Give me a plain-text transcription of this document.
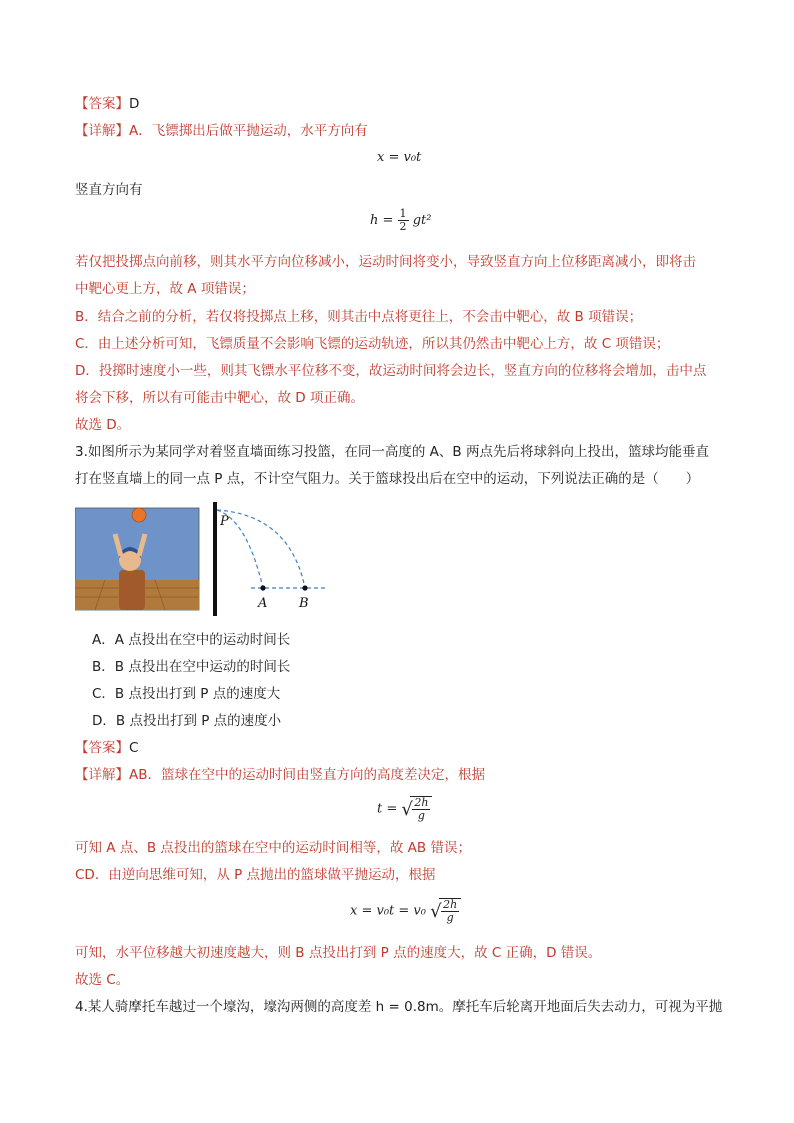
【答案】D
【详解】A．飞镖掷出后做平抛运动，水平方向有
x = v₀t
竖直方向有
$h = \frac{1}{2} gt^2$
若仅把投掷点向前移，则其水平方向位移减小，运动时间将变小，导致竖直方向上位移距离减小，即将击
中靶心更上方，故 A 项错误；
B．结合之前的分析，若仅将投掷点上移，则其击中点将更往上，不会击中靶心，故 B 项错误；
C．由上述分析可知，飞镖质量不会影响飞镖的运动轨迹，所以其仍然击中靶心上方，故 C 项错误；
D．投掷时速度小一些，则其飞镖水平位移不变，故运动时间将会边长，竖直方向的位移将会增加，击中点
将会下移，所以有可能击中靶心，故 D 项正确。
故选 D。
3.如图所示为某同学对着竖直墙面练习投篮，在同一高度的 A、B 两点先后将球斜向上投出，篮球均能垂直
打在竖直墙上的同一点 P 点，不计空气阻力。关于篮球投出后在空中的运动，下列说法正确的是（　　）
P
A B
A．A 点投出在空中的运动时间长
B．B 点投出在空中运动的时间长
C．B 点投出打到 P 点的速度大
D．B 点投出打到 P 点的速度小
【答案】C
【详解】AB．篮球在空中的运动时间由竖直方向的高度差决定，根据
t = √ $\frac{2h}{g}$
可知 A 点、B 点投出的篮球在空中的运动时间相等，故 AB 错误；
CD．由逆向思维可知，从 P 点抛出的篮球做平抛运动，根据
x = v₀t = v₀ √ $\frac{2h}{g}$
可知，水平位移越大初速度越大，则 B 点投出打到 P 点的速度大，故 C 正确，D 错误。
故选 C。
4.某人骑摩托车越过一个壕沟，壕沟两侧的高度差 h = 0.8m。摩托车后轮离开地面后失去动力，可视为平抛
